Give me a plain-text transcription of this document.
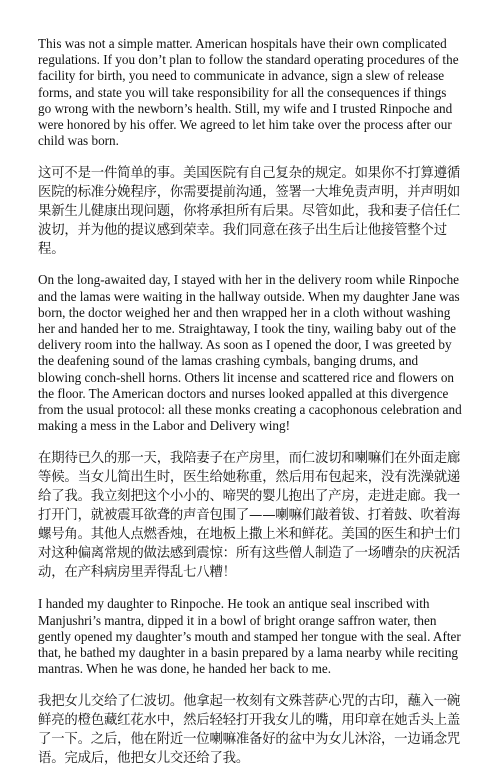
This was not a simple matter. American hospitals have their own complicated regulations. If you don’t plan to follow the standard operating procedures of the facility for birth, you need to communicate in advance, sign a slew of release forms, and state you will take responsibility for all the consequences if things go wrong with the newborn’s health. Still, my wife and I trusted Rinpoche and were honored by his offer. We agreed to let him take over the process after our child was born.

这可不是一件简单的事。美国医院有自己复杂的规定。如果你不打算遵循医院的标准分娩程序，你需要提前沟通，签署一大堆免责声明，并声明如果新生儿健康出现问题，你将承担所有后果。尽管如此，我和妻子信任仁波切，并为他的提议感到荣幸。我们同意在孩子出生后让他接管整个过程。

On the long-awaited day, I stayed with her in the delivery room while Rinpoche and the lamas were waiting in the hallway outside. When my daughter Jane was born, the doctor weighed her and then wrapped her in a cloth without washing her and handed her to me. Straightaway, I took the tiny, wailing baby out of the delivery room into the hallway. As soon as I opened the door, I was greeted by the deafening sound of the lamas crashing cymbals, banging drums, and blowing conch-shell horns. Others lit incense and scattered rice and flowers on the floor. The American doctors and nurses looked appalled at this divergence from the usual protocol: all these monks creating a cacophonous celebration and making a mess in the Labor and Delivery wing!

在期待已久的那一天，我陪妻子在产房里，而仁波切和喇嘛们在外面走廊等候。当女儿简出生时，医生给她称重，然后用布包起来，没有洗澡就递给了我。我立刻把这个小小的、啼哭的婴儿抱出了产房，走进走廊。我一打开门，就被震耳欲聋的声音包围了——喇嘛们敲着钹、打着鼓、吹着海螺号角。其他人点燃香烛，在地板上撒上米和鲜花。美国的医生和护士们对这种偏离常规的做法感到震惊：所有这些僧人制造了一场嘈杂的庆祝活动，在产科病房里弄得乱七八糟！

I handed my daughter to Rinpoche. He took an antique seal inscribed with Manjushri’s mantra, dipped it in a bowl of bright orange saffron water, then gently opened my daughter’s mouth and stamped her tongue with the seal. After that, he bathed my daughter in a basin prepared by a lama nearby while reciting mantras. When he was done, he handed her back to me.

我把女儿交给了仁波切。他拿起一枚刻有文殊菩萨心咒的古印，蘸入一碗鲜亮的橙色藏红花水中，然后轻轻打开我女儿的嘴，用印章在她舌头上盖了一下。之后，他在附近一位喇嘛准备好的盆中为女儿沐浴，一边诵念咒语。完成后，他把女儿交还给了我。
